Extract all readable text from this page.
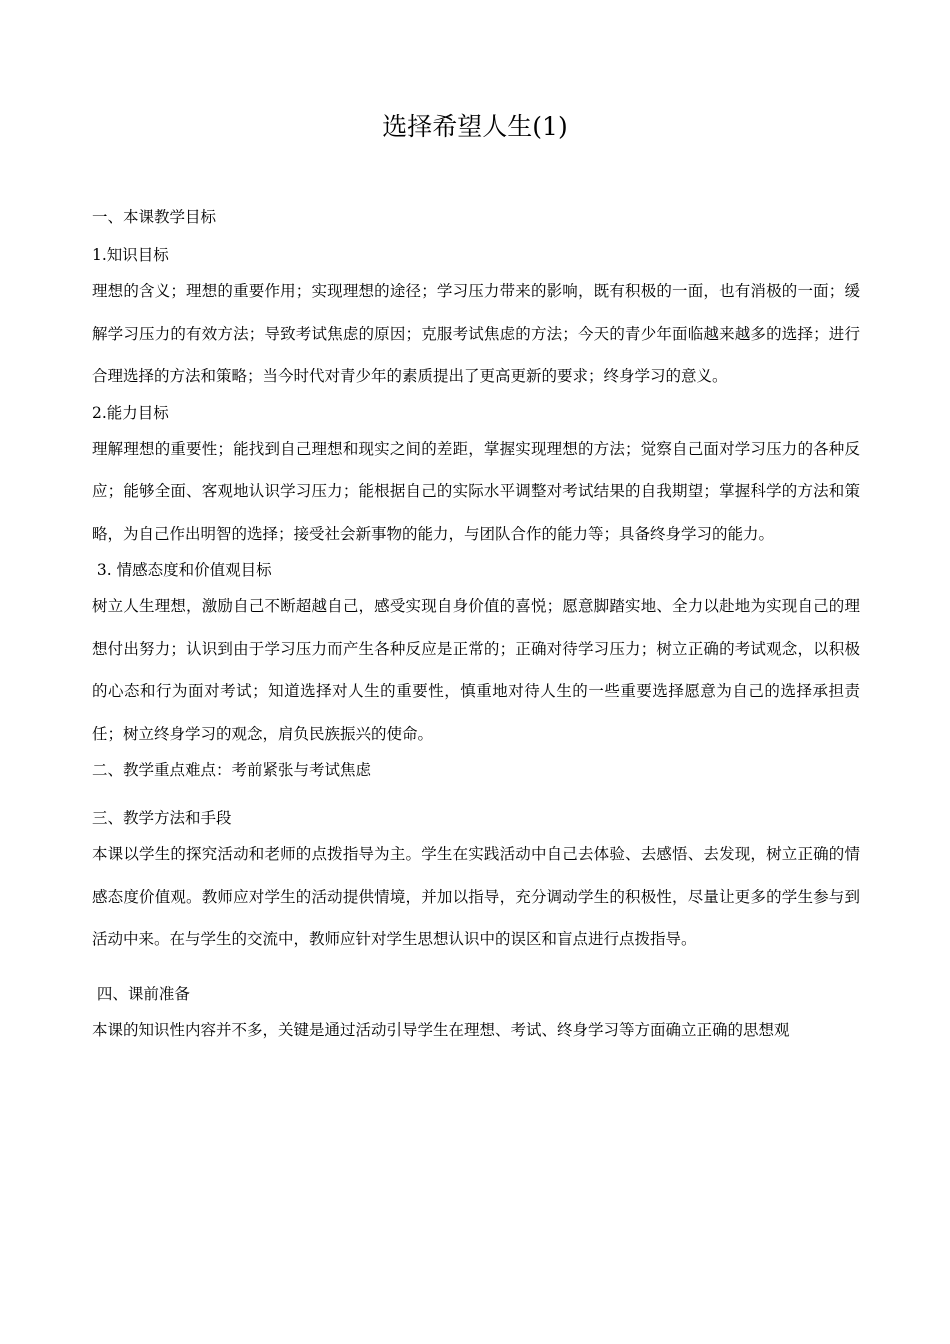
选择希望人生(1)

一、本课教学目标

1.知识目标

理想的含义；理想的重要作用；实现理想的途径；学习压力带来的影响，既有积极的一面，也有消极的一面；缓解学习压力的有效方法；导致考试焦虑的原因；克服考试焦虑的方法；今天的青少年面临越来越多的选择；进行合理选择的方法和策略；当今时代对青少年的素质提出了更高更新的要求；终身学习的意义。

2.能力目标

理解理想的重要性；能找到自己理想和现实之间的差距，掌握实现理想的方法；觉察自己面对学习压力的各种反应；能够全面、客观地认识学习压力；能根据自己的实际水平调整对考试结果的自我期望；掌握科学的方法和策略，为自己作出明智的选择；接受社会新事物的能力，与团队合作的能力等；具备终身学习的能力。

3. 情感态度和价值观目标

树立人生理想，激励自己不断超越自己，感受实现自身价值的喜悦；愿意脚踏实地、全力以赴地为实现自己的理想付出努力；认识到由于学习压力而产生各种反应是正常的；正确对待学习压力；树立正确的考试观念，以积极的心态和行为面对考试；知道选择对人生的重要性，慎重地对待人生的一些重要选择愿意为自己的选择承担责任；树立终身学习的观念，肩负民族振兴的使命。

二、教学重点难点：考前紧张与考试焦虑

三、教学方法和手段

本课以学生的探究活动和老师的点拨指导为主。学生在实践活动中自己去体验、去感悟、去发现，树立正确的情感态度价值观。教师应对学生的活动提供情境，并加以指导，充分调动学生的积极性，尽量让更多的学生参与到活动中来。在与学生的交流中，教师应针对学生思想认识中的误区和盲点进行点拨指导。

四、课前准备

本课的知识性内容并不多，关键是通过活动引导学生在理想、考试、终身学习等方面确立正确的思想观
